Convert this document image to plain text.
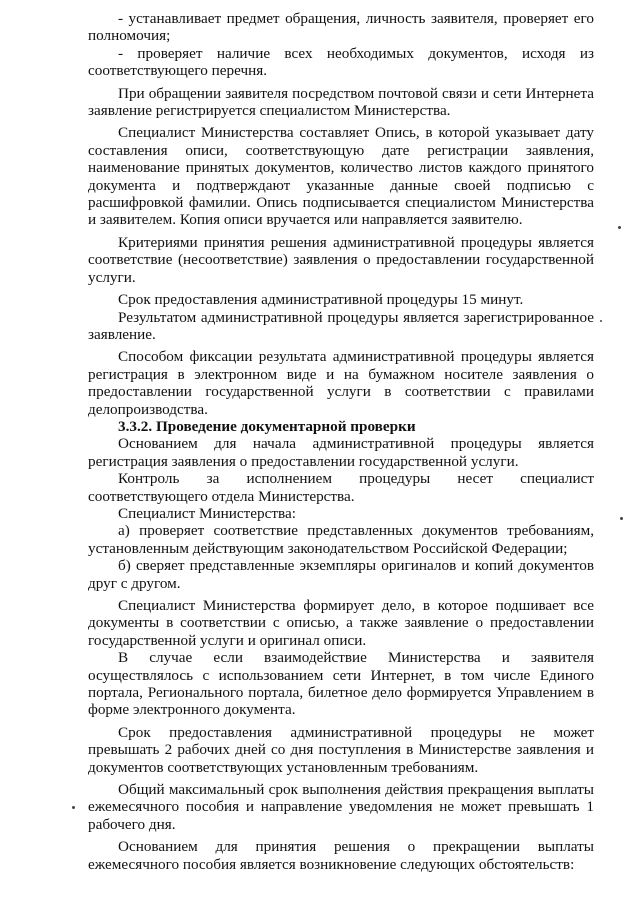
- устанавливает предмет обращения, личность заявителя, проверяет его полномочия;

- проверяет наличие всех необходимых документов, исходя из соответствующего перечня.

При обращении заявителя посредством почтовой связи и сети Интернета заявление регистрируется специалистом Министерства.

Специалист Министерства составляет Опись, в которой указывает дату составления описи, соответствующую дате регистрации заявления, наименование принятых документов, количество листов каждого принятого документа и подтверждают указанные данные своей подписью с расшифровкой фамилии. Опись подписывается специалистом Министерства и заявителем. Копия описи вручается или направляется заявителю.

Критериями принятия решения административной процедуры является соответствие (несоответствие) заявления о предоставлении государственной услуги.

Срок предоставления административной процедуры 15 минут.

Результатом административной процедуры является зарегистрированное заявление.

Способом фиксации результата административной процедуры является регистрация в электронном виде и на бумажном носителе заявления о предоставлении государственной услуги в соответствии с правилами делопроизводства.

3.3.2. Проведение документарной проверки

Основанием для начала административной процедуры является регистрация заявления о предоставлении государственной услуги.

Контроль за исполнением процедуры несет специалист соответствующего отдела Министерства.

Специалист Министерства:

а) проверяет соответствие представленных документов требованиям, установленным действующим законодательством Российской Федерации;

б) сверяет представленные экземпляры оригиналов и копий документов друг с другом.

Специалист Министерства формирует дело, в которое подшивает все документы в соответствии с описью, а также заявление о предоставлении государственной услуги и оригинал описи.

В случае если взаимодействие Министерства и заявителя осуществлялось с использованием сети Интернет, в том числе Единого портала, Регионального портала, билетное дело формируется Управлением в форме электронного документа.

Срок предоставления административной процедуры не может превышать 2 рабочих дней со дня поступления в Министерстве заявления и документов соответствующих установленным требованиям.

Общий максимальный срок выполнения действия прекращения выплаты ежемесячного пособия и направление уведомления не может превышать 1 рабочего дня.

Основанием для принятия решения о прекращении выплаты ежемесячного пособия является возникновение следующих обстоятельств:
